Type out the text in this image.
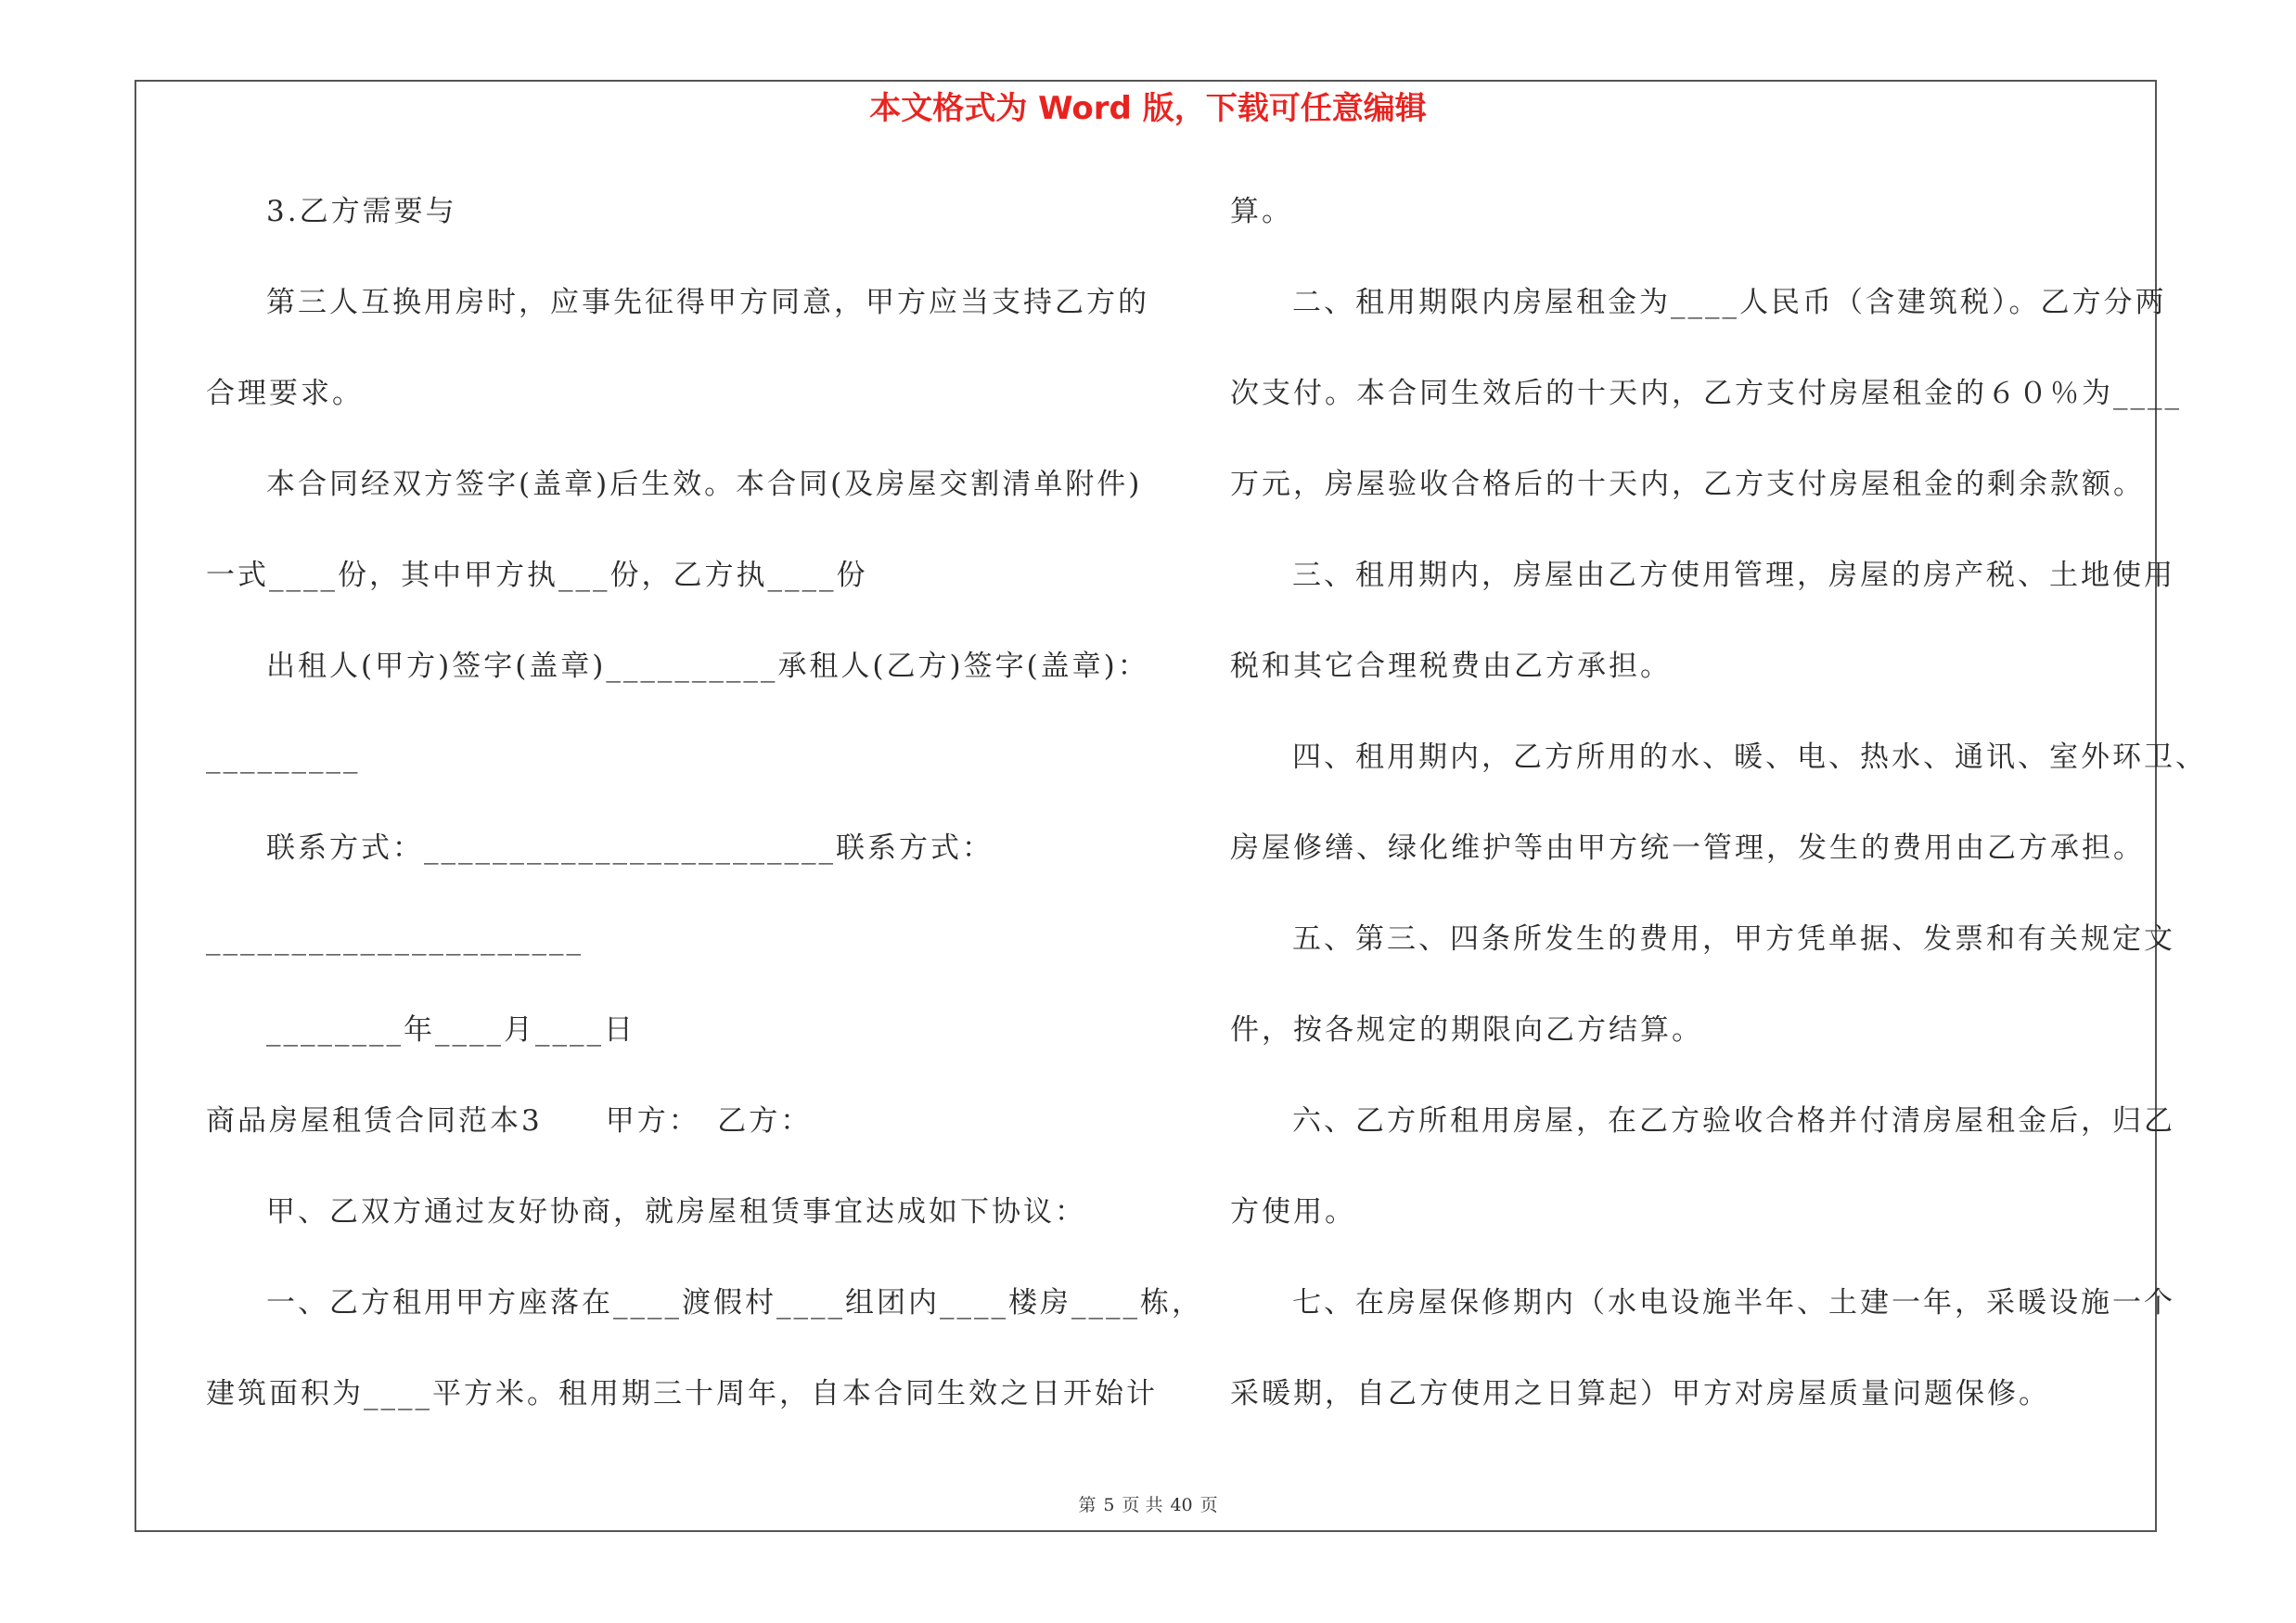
本文格式为 Word 版，下载可任意编辑
3.乙方需要与
第三人互换用房时，应事先征得甲方同意，甲方应当支持乙方的
合理要求。
本合同经双方签字(盖章)后生效。本合同(及房屋交割清单附件)
一式____份，其中甲方执___份，乙方执____份
出租人(甲方)签字(盖章)__________承租人(乙方)签字(盖章)：
_________
联系方式：________________________联系方式：
______________________
________年____月____日
商品房屋租赁合同范本3　　甲方：　乙方：
甲、乙双方通过友好协商，就房屋租赁事宜达成如下协议：
一、乙方租用甲方座落在____渡假村____组团内____楼房____栋，
建筑面积为____平方米。租用期三十周年，自本合同生效之日开始计
算。
二、租用期限内房屋租金为____人民币（含建筑税）。乙方分两
次支付。本合同生效后的十天内，乙方支付房屋租金的６０％为____
万元，房屋验收合格后的十天内，乙方支付房屋租金的剩余款额。
三、租用期内，房屋由乙方使用管理，房屋的房产税、土地使用
税和其它合理税费由乙方承担。
四、租用期内，乙方所用的水、暖、电、热水、通讯、室外环卫、
房屋修缮、绿化维护等由甲方统一管理，发生的费用由乙方承担。
五、第三、四条所发生的费用，甲方凭单据、发票和有关规定文
件，按各规定的期限向乙方结算。
六、乙方所租用房屋，在乙方验收合格并付清房屋租金后，归乙
方使用。
七、在房屋保修期内（水电设施半年、土建一年，采暖设施一个
采暖期，自乙方使用之日算起）甲方对房屋质量问题保修。
第 5 页 共 40 页
